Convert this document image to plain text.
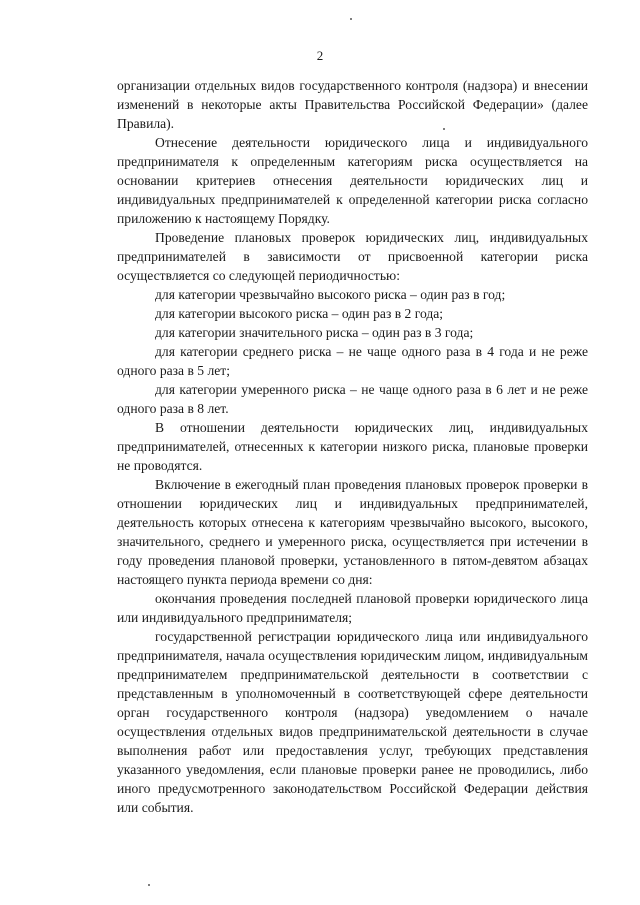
2

организации отдельных видов государственного контроля (надзора) и внесении изменений в некоторые акты Правительства Российской Федерации» (далее Правила).

Отнесение деятельности юридического лица и индивидуального предпринимателя к определенным категориям риска осуществляется на основании критериев отнесения деятельности юридических лиц и индивидуальных предпринимателей к определенной категории риска согласно приложению к настоящему Порядку.

Проведение плановых проверок юридических лиц, индивидуальных предпринимателей в зависимости от присвоенной категории риска осуществляется со следующей периодичностью:

для категории чрезвычайно высокого риска – один раз в год;

для категории высокого риска – один раз в 2 года;

для категории значительного риска – один раз в 3 года;

для категории среднего риска – не чаще одного раза в 4 года и не реже одного раза в 5 лет;

для категории умеренного риска – не чаще одного раза в 6 лет и не реже одного раза в 8 лет.

В отношении деятельности юридических лиц, индивидуальных предпринимателей, отнесенных к категории низкого риска, плановые проверки не проводятся.

Включение в ежегодный план проведения плановых проверок проверки в отношении юридических лиц и индивидуальных предпринимателей, деятельность которых отнесена к категориям чрезвычайно высокого, высокого, значительного, среднего и умеренного риска, осуществляется при истечении в году проведения плановой проверки, установленного в пятом-девятом абзацах настоящего пункта периода времени со дня:

окончания проведения последней плановой проверки юридического лица или индивидуального предпринимателя;

государственной регистрации юридического лица или индивидуального предпринимателя, начала осуществления юридическим лицом, индивидуальным предпринимателем предпринимательской деятельности в соответствии с представленным в уполномоченный в соответствующей сфере деятельности орган государственного контроля (надзора) уведомлением о начале осуществления отдельных видов предпринимательской деятельности в случае выполнения работ или предоставления услуг, требующих представления указанного уведомления, если плановые проверки ранее не проводились, либо иного предусмотренного законодательством Российской Федерации действия или события.
